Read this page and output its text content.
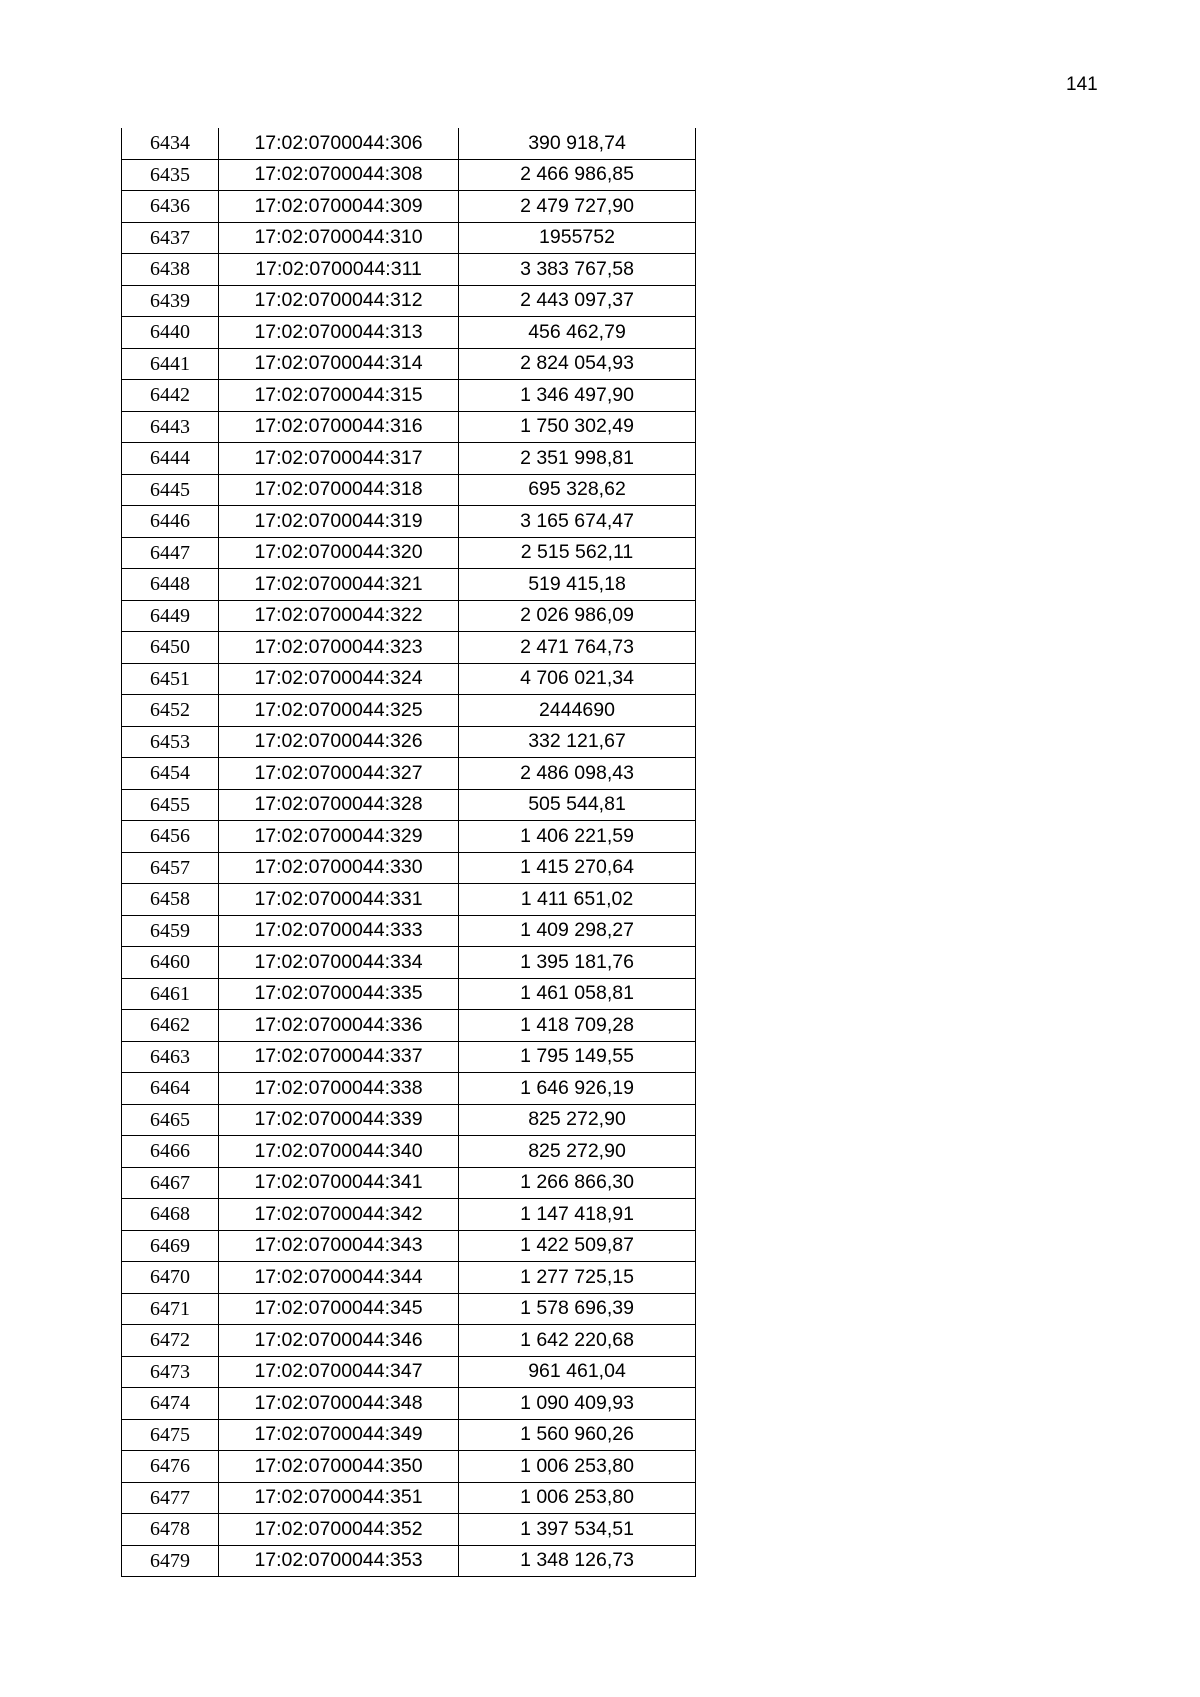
141
6434	17:02:0700044:306	390 918,74
6435	17:02:0700044:308	2 466 986,85
6436	17:02:0700044:309	2 479 727,90
6437	17:02:0700044:310	1955752
6438	17:02:0700044:311	3 383 767,58
6439	17:02:0700044:312	2 443 097,37
6440	17:02:0700044:313	456 462,79
6441	17:02:0700044:314	2 824 054,93
6442	17:02:0700044:315	1 346 497,90
6443	17:02:0700044:316	1 750 302,49
6444	17:02:0700044:317	2 351 998,81
6445	17:02:0700044:318	695 328,62
6446	17:02:0700044:319	3 165 674,47
6447	17:02:0700044:320	2 515 562,11
6448	17:02:0700044:321	519 415,18
6449	17:02:0700044:322	2 026 986,09
6450	17:02:0700044:323	2 471 764,73
6451	17:02:0700044:324	4 706 021,34
6452	17:02:0700044:325	2444690
6453	17:02:0700044:326	332 121,67
6454	17:02:0700044:327	2 486 098,43
6455	17:02:0700044:328	505 544,81
6456	17:02:0700044:329	1 406 221,59
6457	17:02:0700044:330	1 415 270,64
6458	17:02:0700044:331	1 411 651,02
6459	17:02:0700044:333	1 409 298,27
6460	17:02:0700044:334	1 395 181,76
6461	17:02:0700044:335	1 461 058,81
6462	17:02:0700044:336	1 418 709,28
6463	17:02:0700044:337	1 795 149,55
6464	17:02:0700044:338	1 646 926,19
6465	17:02:0700044:339	825 272,90
6466	17:02:0700044:340	825 272,90
6467	17:02:0700044:341	1 266 866,30
6468	17:02:0700044:342	1 147 418,91
6469	17:02:0700044:343	1 422 509,87
6470	17:02:0700044:344	1 277 725,15
6471	17:02:0700044:345	1 578 696,39
6472	17:02:0700044:346	1 642 220,68
6473	17:02:0700044:347	961 461,04
6474	17:02:0700044:348	1 090 409,93
6475	17:02:0700044:349	1 560 960,26
6476	17:02:0700044:350	1 006 253,80
6477	17:02:0700044:351	1 006 253,80
6478	17:02:0700044:352	1 397 534,51
6479	17:02:0700044:353	1 348 126,73
